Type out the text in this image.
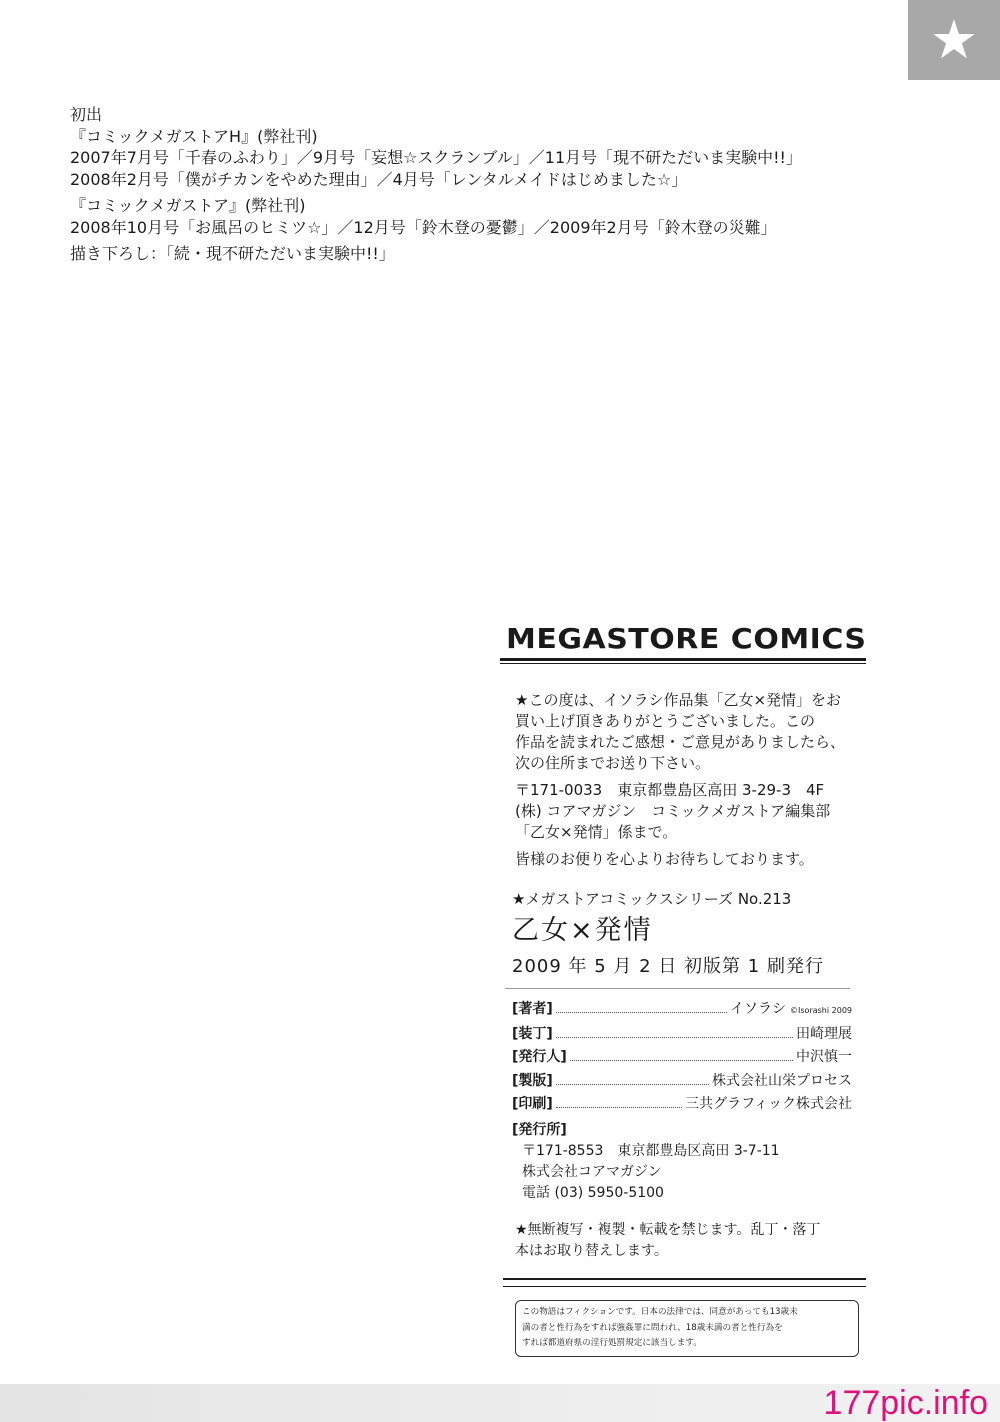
★
初出
『コミックメガストアH』(弊社刊)
2007年7月号「千春のふわり」／9月号「妄想☆スクランブル」／11月号「現不研ただいま実験中!!」
2008年2月号「僕がチカンをやめた理由」／4月号「レンタルメイドはじめました☆」
『コミックメガストア』(弊社刊)
2008年10月号「お風呂のヒミツ☆」／12月号「鈴木登の憂鬱」／2009年2月号「鈴木登の災難」
描き下ろし：「続・現不研ただいま実験中!!」
MEGASTORE COMICS

★この度は、イソラシ作品集「乙女×発情」をお

買い上げ頂きありがとうございました。この

作品を読まれたご感想・ご意見がありましたら、

次の住所までお送り下さい。

〒171-0033　東京都豊島区高田 3-29-3　4F

(株) コアマガジン　コミックメガストア編集部

「乙女×発情」係まで。

皆様のお便りを心よりお待ちしております。

★メガストアコミックスシリーズ No.213
乙女×発情
2009 年 5 月 2 日 初版第 1 刷発行
[著者]	イソラシ ©Isorashi 2009
[装丁]	田崎理展
[発行人]	中沢慎一
[製版]	株式会社山栄プロセス
[印刷]	三共グラフィック株式会社
[発行所]
〒171-8553　東京都豊島区高田 3-7-11
株式会社コアマガジン
電話 (03) 5950-5100

★無断複写・複製・転載を禁じます。乱丁・落丁

本はお取り替えします。

この物語はフィクションです。日本の法律では、同意があっても13歳未
満の者と性行為をすれば強姦罪に問われ、18歳未満の者と性行為を
すれば都道府県の淫行処罰規定に該当します。
177pic.info
